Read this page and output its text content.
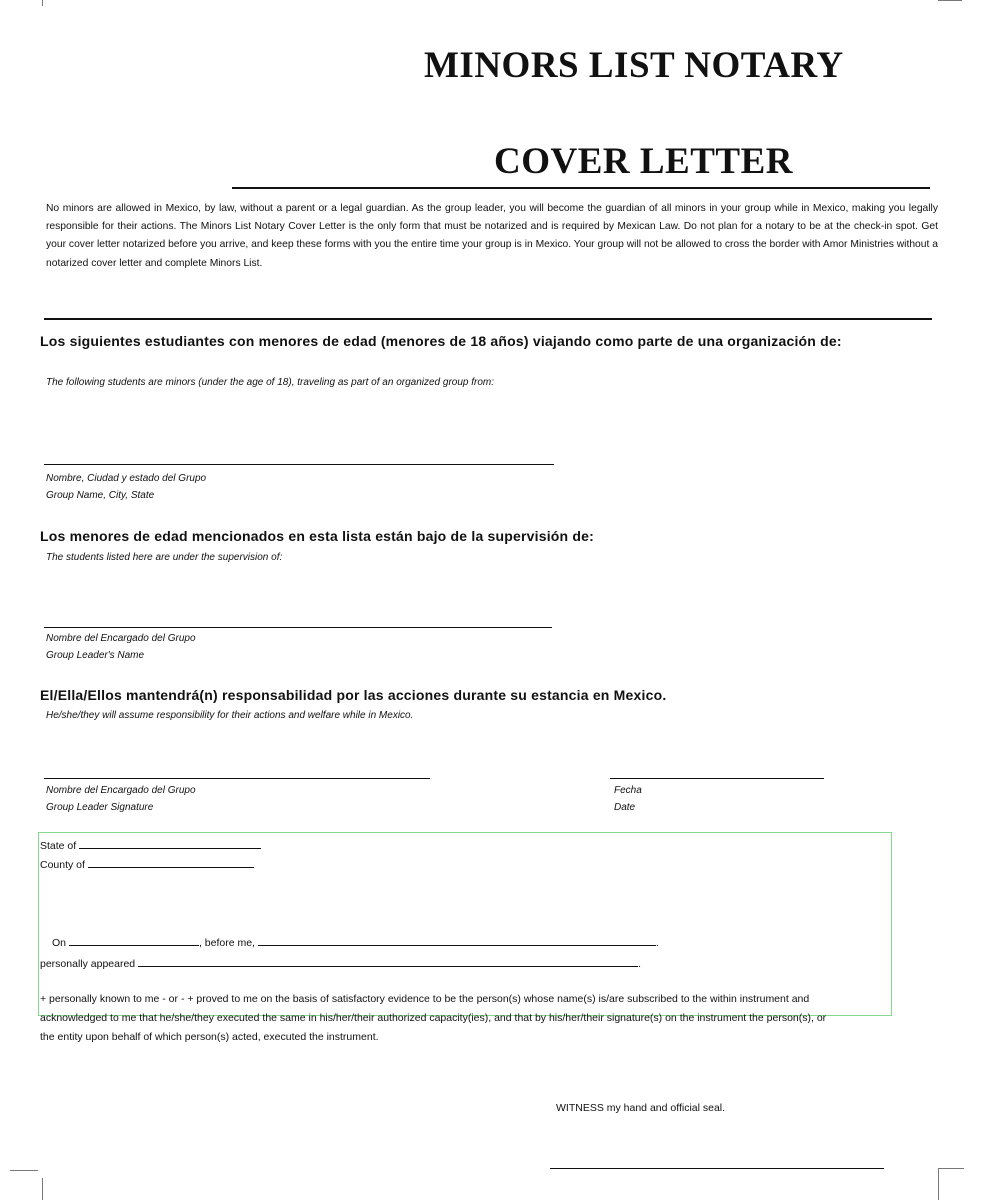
MINORS LIST NOTARY
COVER LETTER
No minors are allowed in Mexico, by law, without a parent or a legal guardian. As the group leader, you will become the guardian of all minors in your group while in Mexico, making you legally responsible for their actions. The Minors List Notary Cover Letter is the only form that must be notarized and is required by Mexican Law. Do not plan for a notary to be at the check-in spot. Get your cover letter notarized before you arrive, and keep these forms with you the entire time your group is in Mexico. Your group will not be allowed to cross the border with Amor Ministries without a notarized cover letter and complete Minors List.
Los siguientes estudiantes con menores de edad (menores de 18 años) viajando como parte de una organización de:
The following students are minors (under the age of 18), traveling as part of an organized group from:
Nombre, Ciudad y estado del Grupo
Group Name, City, State
Los menores de edad mencionados en esta lista están bajo de la supervisión de:
The students listed here are under the supervision of:
Nombre del Encargado del Grupo
Group Leader's Name
El/Ella/Ellos mantendrá(n) responsabilidad por las acciones durante su estancia en Mexico.
He/she/they will assume responsibility for their actions and welfare while in Mexico.
Nombre del Encargado del Grupo
Group Leader Signature
Fecha
Date
State of
County of
On	, before me,	.
personally appeared	.
+ personally known to me - or - + proved to me on the basis of satisfactory evidence to be the person(s) whose name(s) is/are subscribed to the within instrument and acknowledged to me that he/she/they executed the same in his/her/their authorized capacity(ies), and that by his/her/their signature(s) on the instrument the person(s), or the entity upon behalf of which person(s) acted, executed the instrument.
WITNESS my hand and official seal.
